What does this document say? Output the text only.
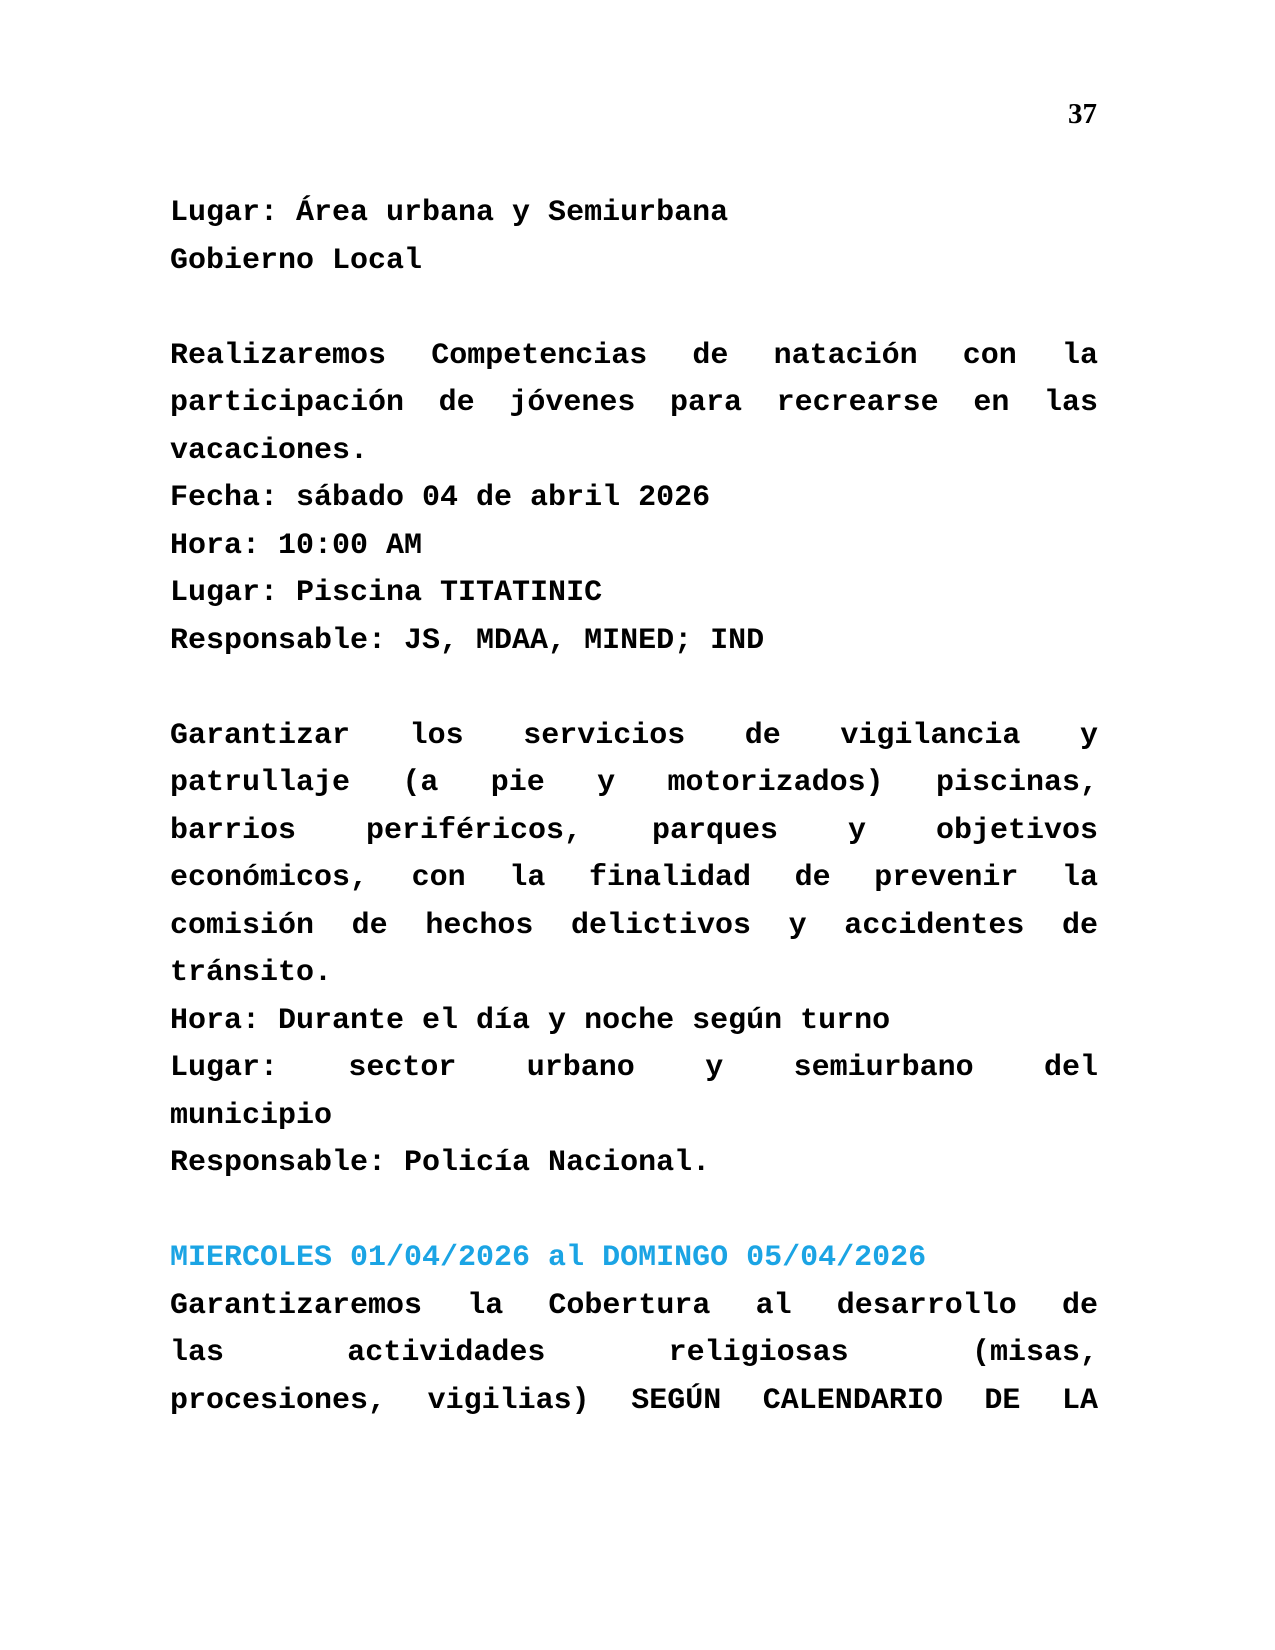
37
Lugar: Área urbana y Semiurbana
Gobierno Local
Realizaremos Competencias de natación con la
participación de jóvenes para recrearse en las
vacaciones.
Fecha: sábado 04 de abril 2026
Hora: 10:00 AM
Lugar: Piscina TITATINIC
Responsable: JS, MDAA, MINED; IND
Garantizar los servicios de vigilancia y
patrullaje (a pie y motorizados) piscinas,
barrios periféricos, parques y objetivos
económicos, con la finalidad de prevenir la
comisión de hechos delictivos y accidentes de
tránsito.
Hora: Durante el día y noche según turno
Lugar: sector urbano y semiurbano del
municipio
Responsable: Policía Nacional.
MIERCOLES 01/04/2026 al DOMINGO 05/04/2026
Garantizaremos la Cobertura al desarrollo de
las actividades religiosas (misas,
procesiones, vigilias) SEGÚN CALENDARIO DE LA
